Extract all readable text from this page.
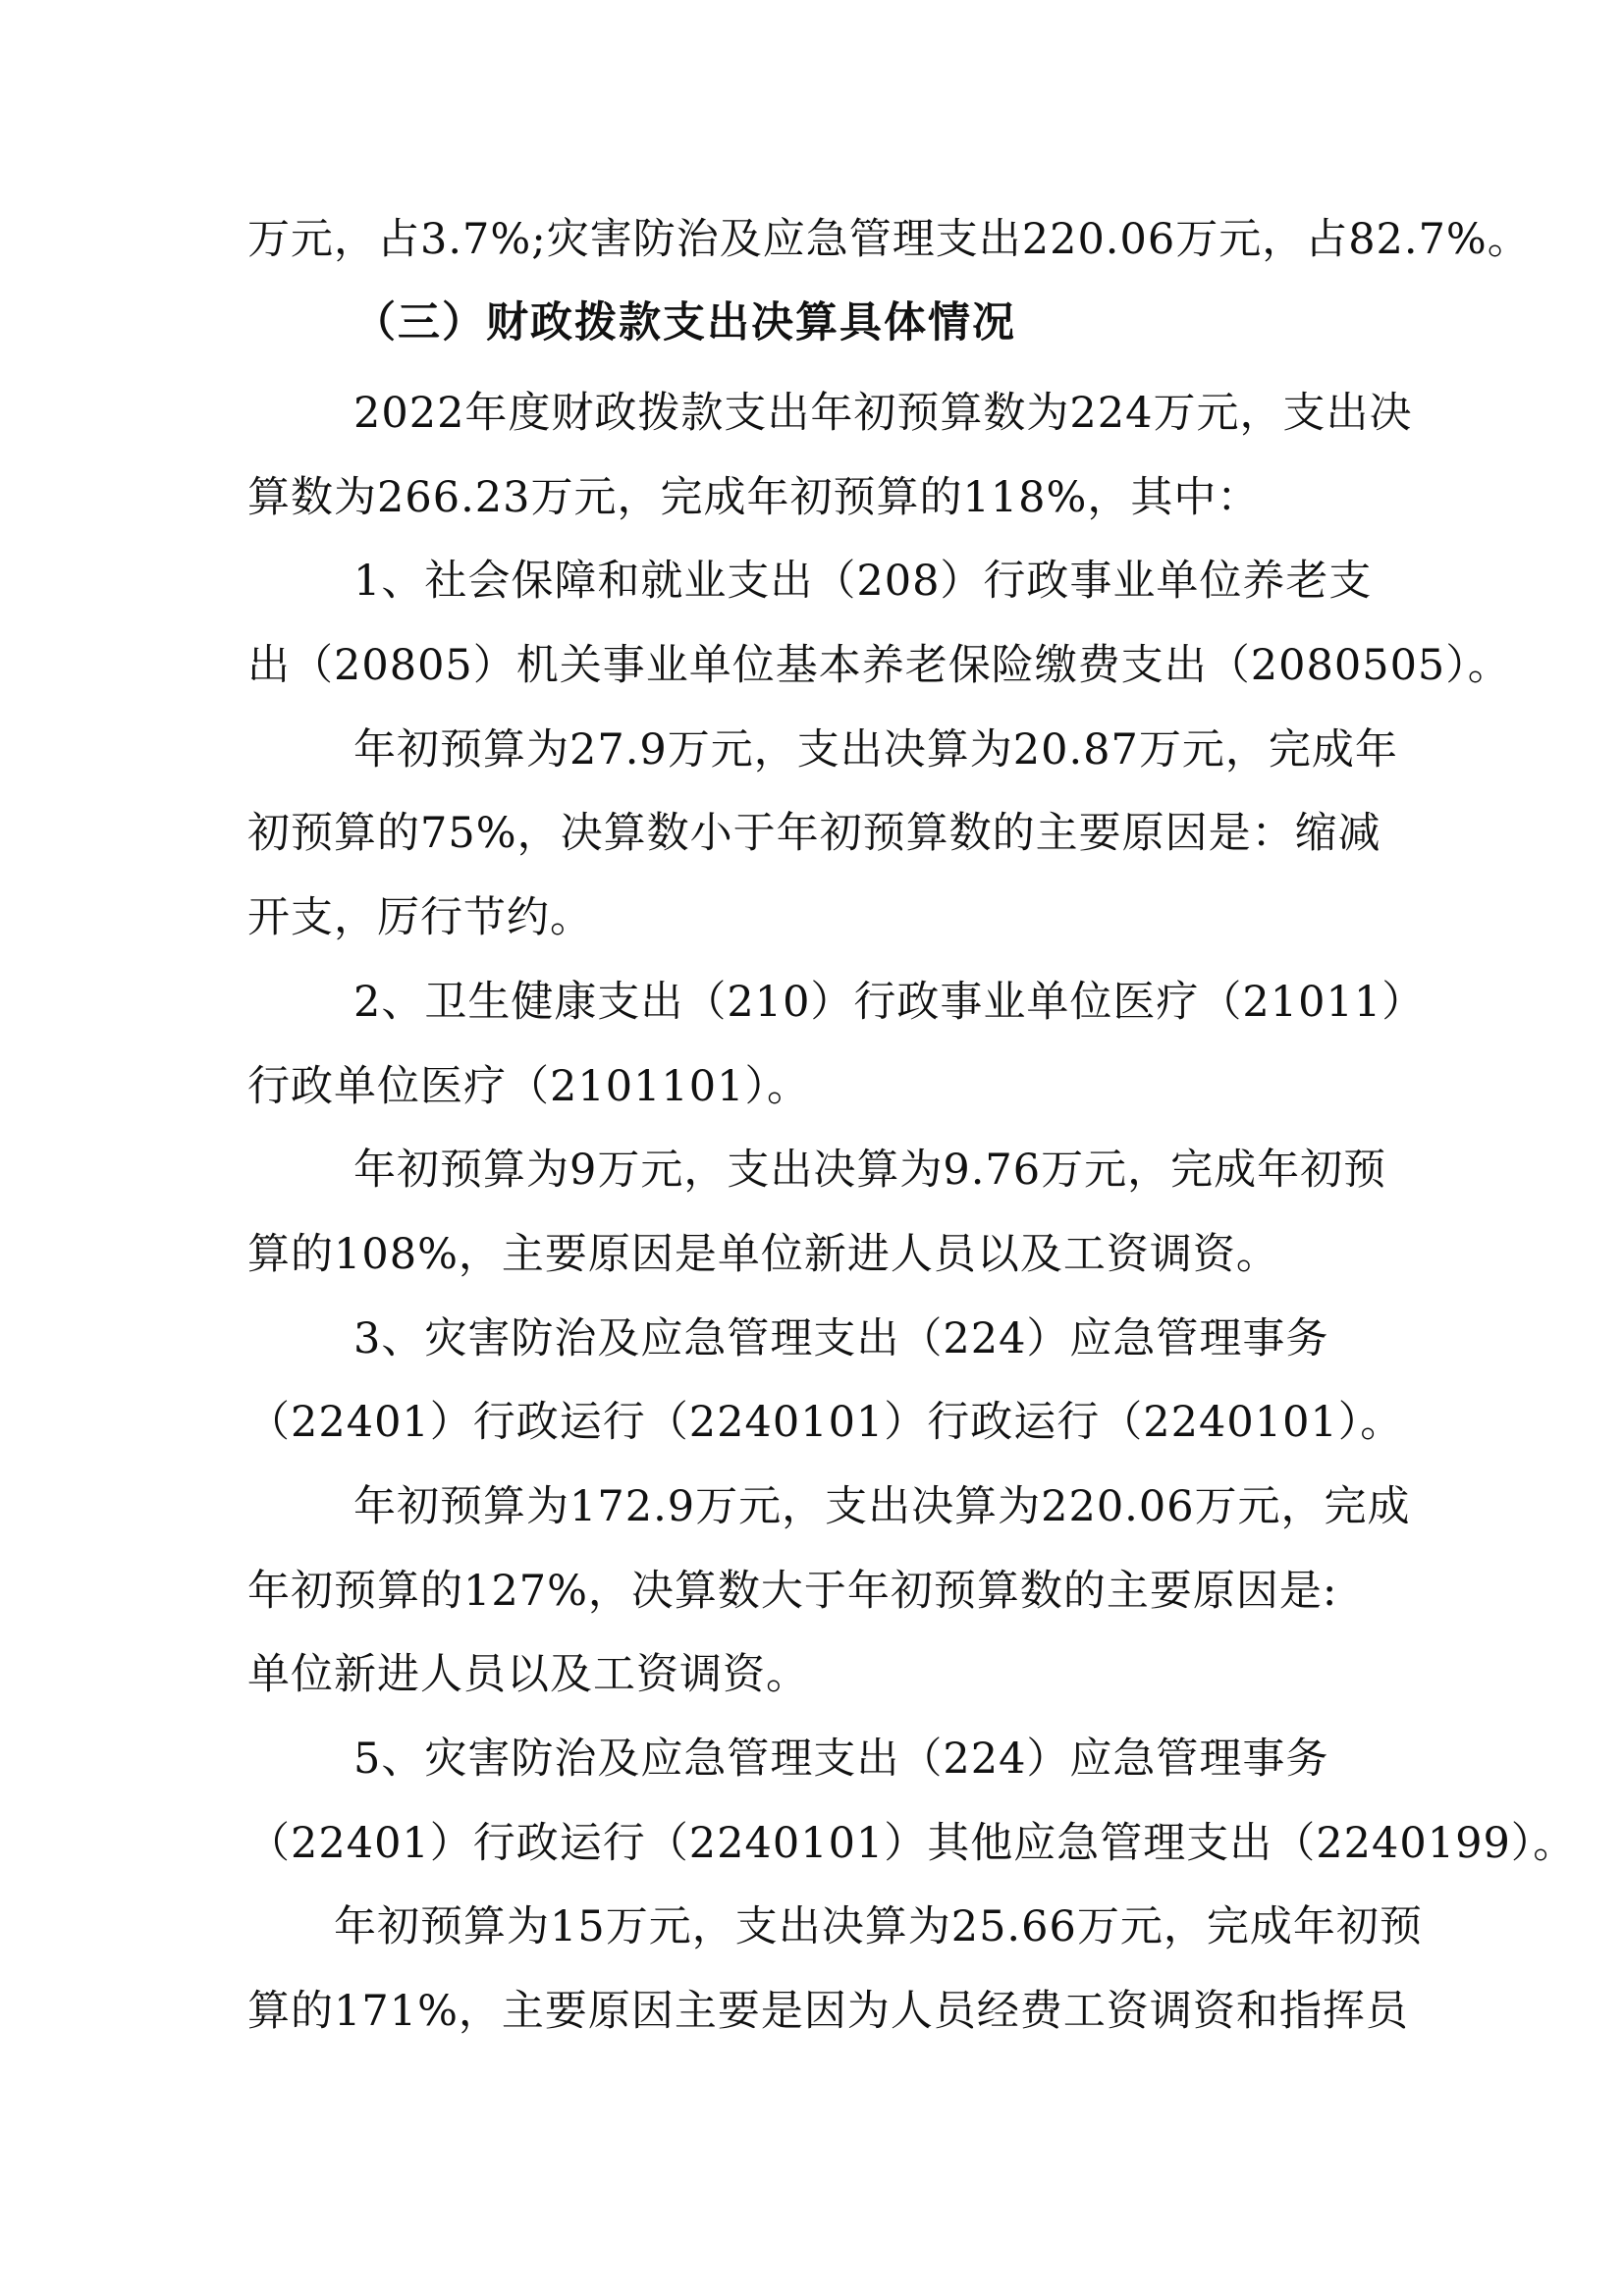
万元，占3.7%;灾害防治及应急管理支出220.06万元，占82.7%。
（三）财政拨款支出决算具体情况
2022年度财政拨款支出年初预算数为224万元，支出决
算数为266.23万元，完成年初预算的118%，其中：
1、社会保障和就业支出（208）行政事业单位养老支
出（20805）机关事业单位基本养老保险缴费支出（2080505）。
年初预算为27.9万元，支出决算为20.87万元，完成年
初预算的75%，决算数小于年初预算数的主要原因是：缩减
开支，厉行节约。
2、卫生健康支出（210）行政事业单位医疗（21011）
行政单位医疗（2101101）。
年初预算为9万元，支出决算为9.76万元，完成年初预
算的108%，主要原因是单位新进人员以及工资调资。
3、灾害防治及应急管理支出（224）应急管理事务
（22401）行政运行（2240101）行政运行（2240101）。
年初预算为172.9万元，支出决算为220.06万元，完成
年初预算的127%，决算数大于年初预算数的主要原因是:
单位新进人员以及工资调资。
5、灾害防治及应急管理支出（224）应急管理事务
（22401）行政运行（2240101）其他应急管理支出（2240199）。
年初预算为15万元，支出决算为25.66万元，完成年初预
算的171%，主要原因主要是因为人员经费工资调资和指挥员
